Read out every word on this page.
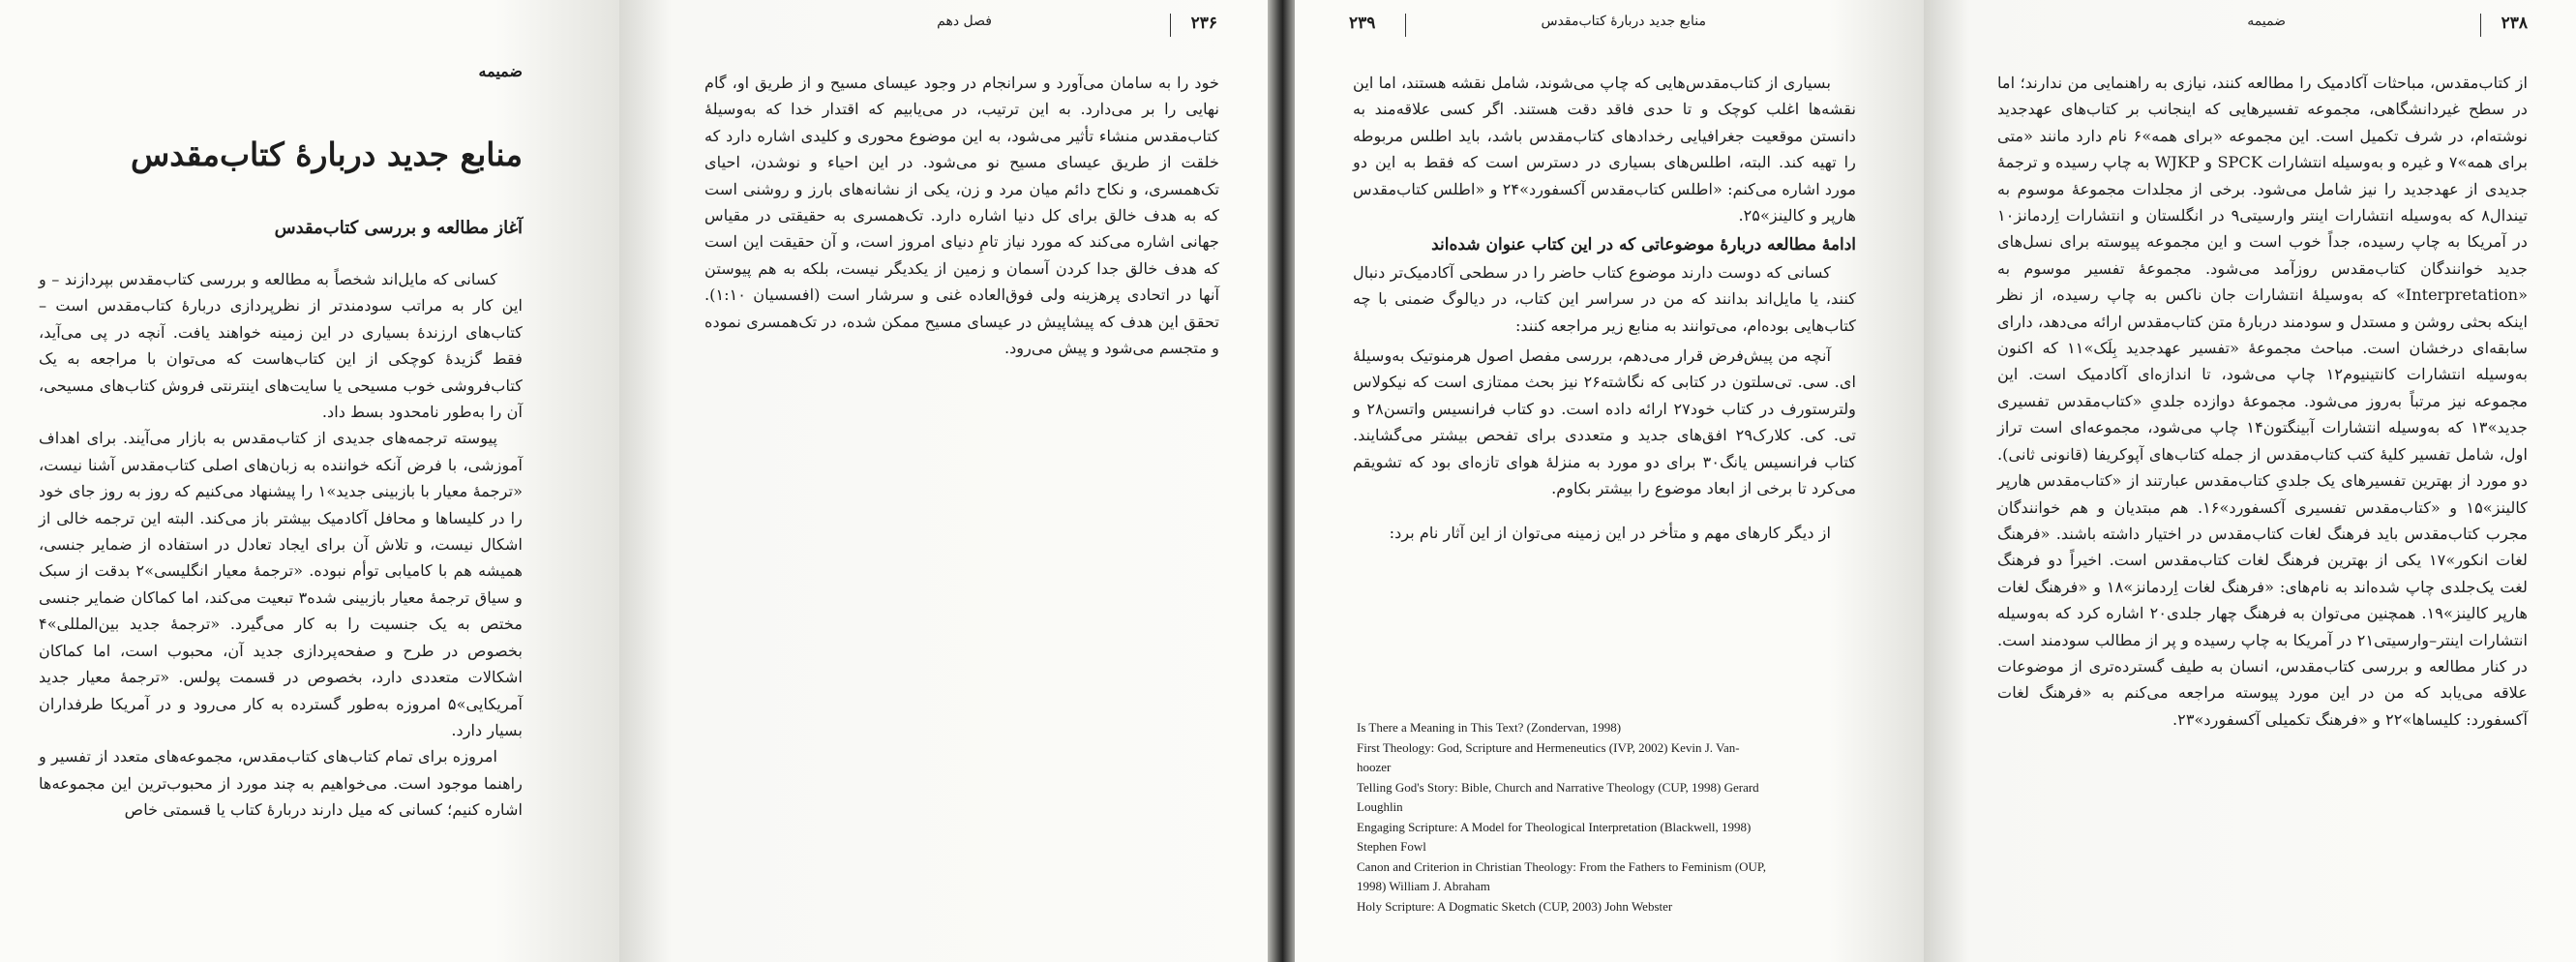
ضمیمه
منابع جدید دربارهٔ کتاب‌مقدس
آغاز مطالعه و بررسی کتاب‌مقدس

کسانی که مایل‌اند شخصاً به مطالعه و بررسی کتاب‌مقدس بپردازند – و این کار به مراتب سودمندتر از نظرپردازی دربارهٔ کتاب‌مقدس است – کتاب‌های ارزندهٔ بسیاری در این زمینه خواهند یافت. آنچه در پی می‌آید، فقط گزیدهٔ کوچکی از این کتاب‌هاست که می‌توان با مراجعه به یک کتاب‌فروشی خوب مسیحی یا سایت‌های اینترنتی فروش کتاب‌های مسیحی، آن را به‌طور نامحدود بسط داد.

پیوسته ترجمه‌های جدیدی از کتاب‌مقدس به بازار می‌آیند. برای اهداف آموزشی، با فرض آنکه خواننده به زبان‌های اصلی کتاب‌مقدس آشنا نیست، «ترجمهٔ معیار با بازبینی جدید»۱ را پیشنهاد می‌کنیم که روز به روز جای خود را در کلیساها و محافل آکادمیک بیشتر باز می‌کند. البته این ترجمه خالی از اشکال نیست، و تلاش آن برای ایجاد تعادل در استفاده از ضمایر جنسی، همیشه هم با کامیابی توأم نبوده. «ترجمهٔ معیار انگلیسی»۲ بدقت از سبک و سیاق ترجمهٔ معیار بازبینی شده۳ تبعیت می‌کند، اما کماکان ضمایر جنسی مختص به یک جنسیت را به کار می‌گیرد. «ترجمهٔ جدید بین‌المللی»۴ بخصوص در طرح و صفحه‌پردازی جدید آن، محبوب است، اما کماکان اشکالات متعددی دارد، بخصوص در قسمت پولس. «ترجمهٔ معیار جدید آمریکایی»۵ امروزه به‌طور گسترده به کار می‌رود و در آمریکا طرفداران بسیار دارد.

امروزه برای تمام کتاب‌های کتاب‌مقدس، مجموعه‌های متعدد از تفسیر و راهنما موجود است. می‌خواهیم به چند مورد از محبوب‌ترین این مجموعه‌ها اشاره کنیم؛ کسانی که میل دارند دربارهٔ کتاب یا قسمتی خاص

۲۳۶
فصل دهم

خود را به سامان می‌آورد و سرانجام در وجود عیسای مسیح و از طریق او، گام نهایی را بر می‌دارد. به این ترتیب، در می‌یابیم که اقتدار خدا که به‌وسیلهٔ کتاب‌مقدس منشاء تأثیر می‌شود، به این موضوع محوری و کلیدی اشاره دارد که خلقت از طریق عیسای مسیح نو می‌شود. در این احیاء و نوشدن، احیای تک‌همسری، و نکاح دائم میان مرد و زن، یکی از نشانه‌های بارز و روشنی است که به هدف خالق برای کل دنیا اشاره دارد. تک‌همسری به حقیقتی در مقیاس جهانی اشاره می‌کند که مورد نیاز تامِ دنیای امروز است، و آن حقیقت این است که هدف خالق جدا کردن آسمان و زمین از یکدیگر نیست، بلکه به هم پیوستن آنها در اتحادی پرهزینه ولی فوق‌العاده غنی و سرشار است (افسسیان ۱:۱۰). تحقق این هدف که پیشاپیش در عیسای مسیح ممکن شده، در تک‌همسری نموده و متجسم می‌شود و پیش می‌رود.

۲۳۹	منابع جدید دربارهٔ کتاب‌مقدس

بسیاری از کتاب‌مقدس‌هایی که چاپ می‌شوند، شامل نقشه هستند، اما این نقشه‌ها اغلب کوچک و تا حدی فاقد دقت هستند. اگر کسی علاقه‌مند به دانستن موقعیت جغرافیایی رخدادهای کتاب‌مقدس باشد، باید اطلس مربوطه را تهیه کند. البته، اطلس‌های بسیاری در دسترس است که فقط به این دو مورد اشاره می‌کنم: «اطلس کتاب‌مقدس آکسفورد»۲۴ و «اطلس کتاب‌مقدس هارپر و کالینز»۲۵.

ادامهٔ مطالعه دربارهٔ موضوعاتی که در این کتاب عنوان شده‌اند

کسانی که دوست دارند موضوع کتاب حاضر را در سطحی آکادمیک‌تر دنبال کنند، یا مایل‌اند بدانند که من در سراسر این کتاب، در دیالوگ ضمنی با چه کتاب‌هایی بوده‌ام، می‌توانند به منابع زیر مراجعه کنند:

آنچه من پیش‌فرض قرار می‌دهم، بررسی مفصل اصول هرمنوتیک به‌وسیلهٔ ای. سی. تی‌سلتون در کتابی که نگاشته۲۶ نیز بحث ممتازی است که نیکولاس ولترستورف در کتاب خود۲۷ ارائه داده است. دو کتاب فرانسیس واتسن۲۸ و تی. کی. کلارک۲۹ افق‌های جدید و متعددی برای تفحص بیشتر می‌گشایند. کتاب فرانسیس یانگ۳۰ برای دو مورد به منزلهٔ هوای تازه‌ای بود که تشویقم می‌کرد تا برخی از ابعاد موضوع را بیشتر بکاوم.

از دیگر کارهای مهم و متأخر در این زمینه می‌توان از این آثار نام برد:

Is There a Meaning in This Text? (Zondervan, 1998)
First Theology: God, Scripture and Hermeneutics (IVP, 2002) Kevin J. Van-
hoozer
Telling God's Story: Bible, Church and Narrative Theology (CUP, 1998) Gerard
Loughlin
Engaging Scripture: A Model for Theological Interpretation (Blackwell, 1998)
Stephen Fowl
Canon and Criterion in Christian Theology: From the Fathers to Feminism (OUP,
1998) William J. Abraham
Holy Scripture: A Dogmatic Sketch (CUP, 2003) John Webster
۲۳۸
ضمیمه

از کتاب‌مقدس، مباحثات آکادمیک را مطالعه کنند، نیازی به راهنمایی من ندارند؛ اما در سطح غیردانشگاهی، مجموعه تفسیرهایی که اینجانب بر کتاب‌های عهدجدید نوشته‌ام، در شرف تکمیل است. این مجموعه «برای همه»۶ نام دارد مانند «متی برای همه»۷ و غیره و به‌وسیله انتشارات SPCK و WJKP به چاپ رسیده و ترجمهٔ جدیدی از عهدجدید را نیز شامل می‌شود. برخی از مجلدات مجموعهٔ موسوم به تیندال۸ که به‌وسیله انتشارات اینتر وارسیتی۹ در انگلستان و انتشارات اِردمانز۱۰ در آمریکا به چاپ رسیده، جداً خوب است و این مجموعه پیوسته برای نسل‌های جدید خوانندگان کتاب‌مقدس روزآمد می‌شود. مجموعهٔ تفسیر موسوم به «Interpretation» که به‌وسیلهٔ انتشارات جان ناکس به چاپ رسیده، از نظر اینکه بحثی روشن و مستدل و سودمند دربارهٔ متن کتاب‌مقدس ارائه می‌دهد، دارای سابقه‌ای درخشان است. مباحث مجموعهٔ «تفسیر عهدجدید بِلَک»۱۱ که اکنون به‌وسیله انتشارات کانتینیوم۱۲ چاپ می‌شود، تا اندازه‌ای آکادمیک است. این مجموعه نیز مرتباً به‌روز می‌شود. مجموعهٔ دوازده جلدیِ «کتاب‌مقدس تفسیری جدید»۱۳ که به‌وسیله انتشارات آبینگتون۱۴ چاپ می‌شود، مجموعه‌ای است تراز اول، شامل تفسیر کلیهٔ کتب کتاب‌مقدس از جمله کتاب‌های آپوکریفا (قانونی ثانی). دو مورد از بهترین تفسیرهای یک جلدیِ کتاب‌مقدس عبارتند از «کتاب‌مقدس هارپر کالینز»۱۵ و «کتاب‌مقدس تفسیری آکسفورد»۱۶. هم مبتدیان و هم خوانندگان مجرب کتاب‌مقدس باید فرهنگ لغات کتاب‌مقدس در اختیار داشته باشند. «فرهنگ لغات انکور»۱۷ یکی از بهترین فرهنگ لغات کتاب‌مقدس است. اخیراً دو فرهنگ لغت یک‌جلدی چاپ شده‌اند به نام‌های: «فرهنگ لغات اِردمانز»۱۸ و «فرهنگ لغات هارپر کالینز»۱۹. همچنین می‌توان به فرهنگ چهار جلدی۲۰ اشاره کرد که به‌وسیله انتشارات اینتر–وارسیتی۲۱ در آمریکا به چاپ رسیده و پر از مطالب سودمند است. در کنار مطالعه و بررسی کتاب‌مقدس، انسان به طیف گسترده‌تری از موضوعات علاقه می‌یابد که من در این مورد پیوسته مراجعه می‌کنم به «فرهنگ لغات آکسفورد: کلیساها»۲۲ و «فرهنگ تکمیلی آکسفورد»۲۳.
